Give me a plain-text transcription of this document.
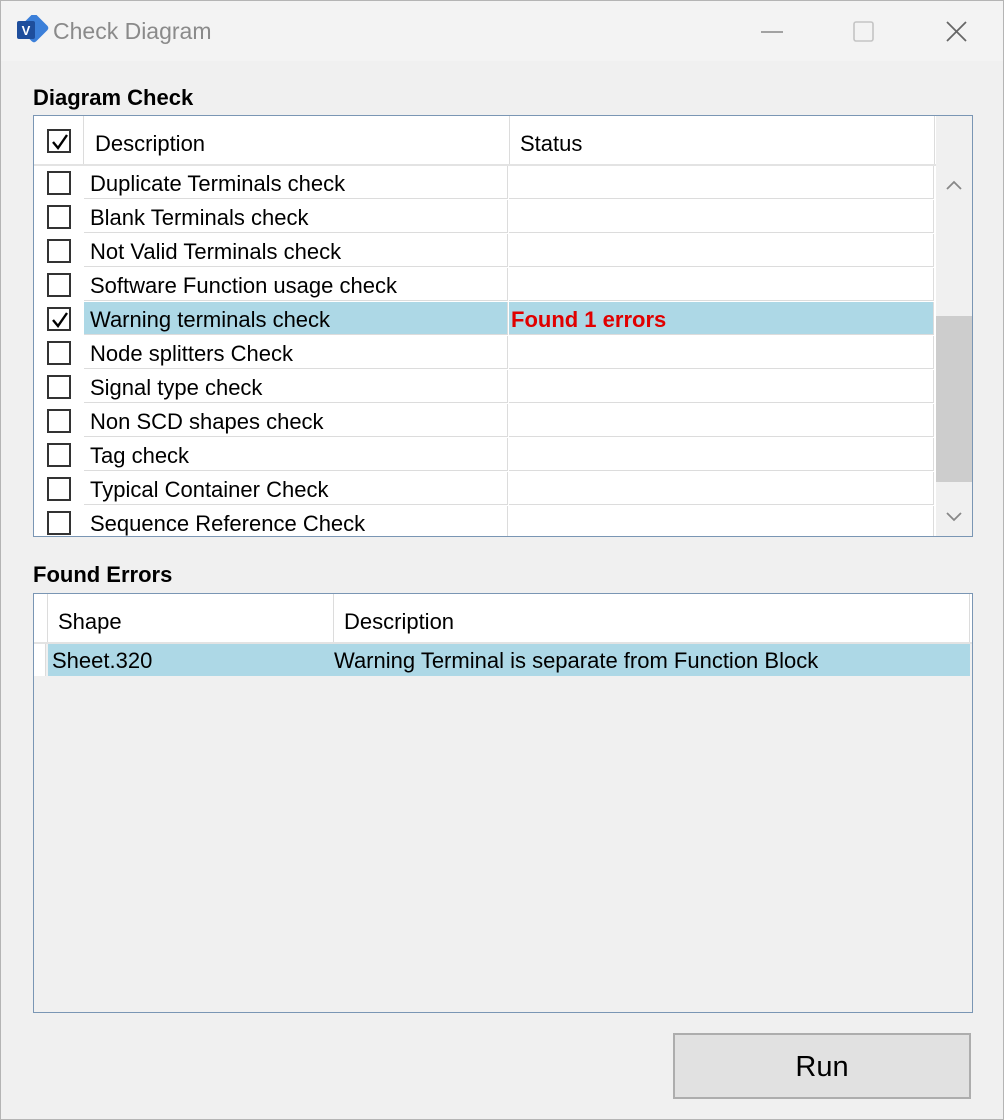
V Check Diagram
Diagram Check
Description	Status
Duplicate Terminals check
Blank Terminals check
Not Valid Terminals check
Software Function usage check
Warning terminals check	Found 1 errors
Node splitters Check
Signal type check
Non SCD shapes check
Tag check
Typical Container Check
Sequence Reference Check
Found Errors
Shape	Description
Sheet.320	Warning Terminal is separate from Function Block
Run
